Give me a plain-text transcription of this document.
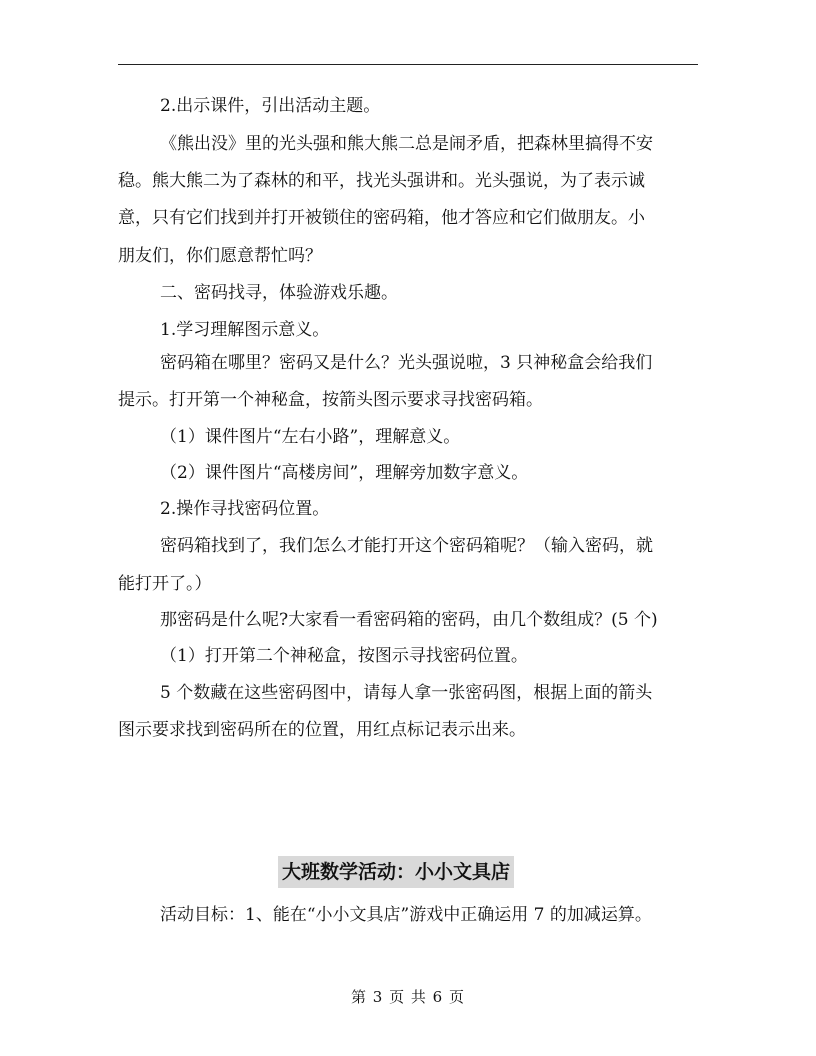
2.出示课件，引出活动主题。

《熊出没》里的光头强和熊大熊二总是闹矛盾，把森林里搞得不安

稳。熊大熊二为了森林的和平，找光头强讲和。光头强说，为了表示诚

意，只有它们找到并打开被锁住的密码箱，他才答应和它们做朋友。小

朋友们，你们愿意帮忙吗？

二、密码找寻，体验游戏乐趣。

1.学习理解图示意义。

密码箱在哪里？密码又是什么？光头强说啦，3 只神秘盒会给我们

提示。打开第一个神秘盒，按箭头图示要求寻找密码箱。

（1）课件图片“左右小路”，理解意义。

（2）课件图片“高楼房间”，理解旁加数字意义。

2.操作寻找密码位置。

密码箱找到了，我们怎么才能打开这个密码箱呢？（输入密码，就

能打开了。）

那密码是什么呢?大家看一看密码箱的密码，由几个数组成？(5 个)

（1）打开第二个神秘盒，按图示寻找密码位置。

5 个数藏在这些密码图中，请每人拿一张密码图，根据上面的箭头

图示要求找到密码所在的位置，用红点标记表示出来。

大班数学活动：小小文具店

活动目标：1、能在“小小文具店”游戏中正确运用 7 的加减运算。

第 3 页 共 6 页
